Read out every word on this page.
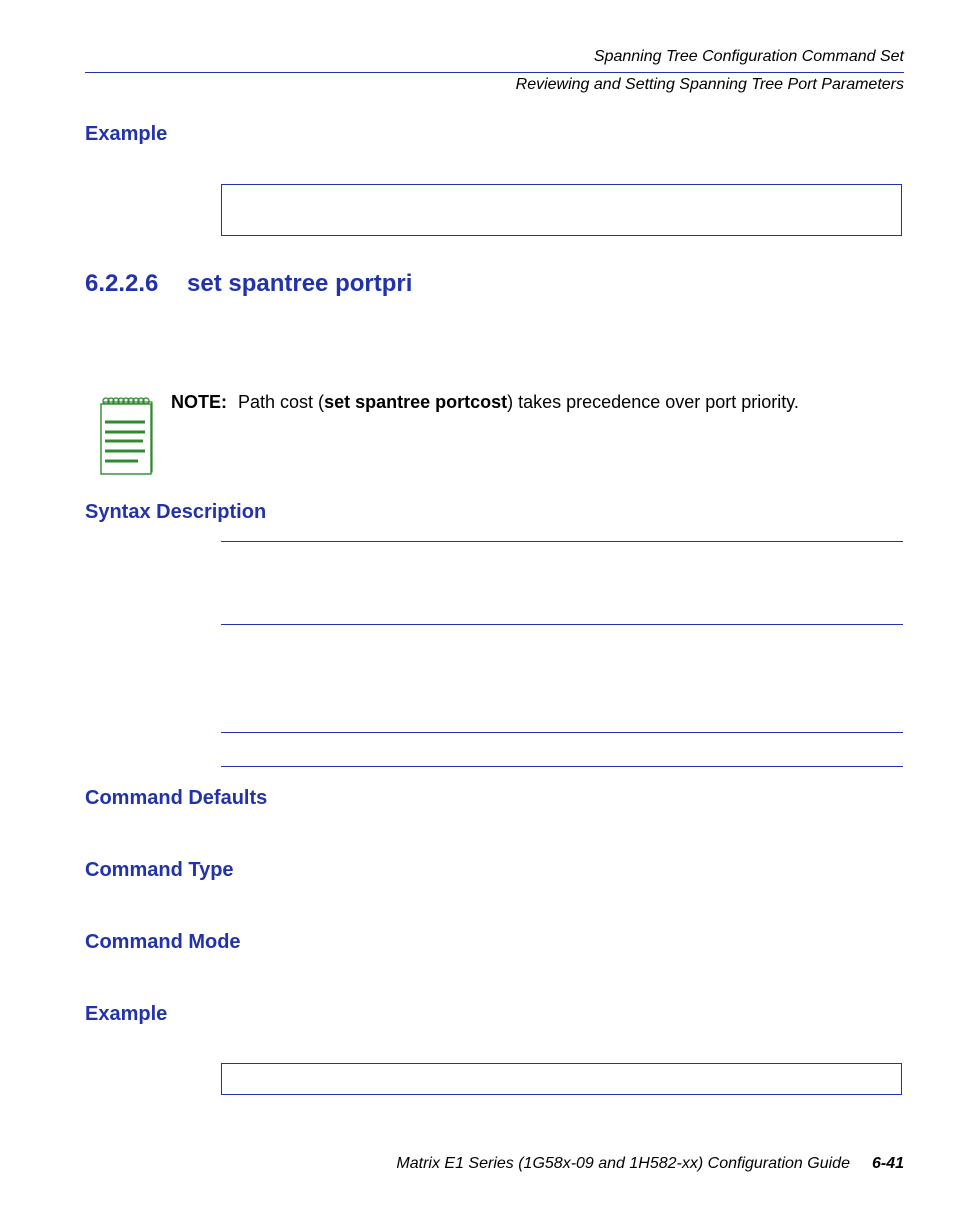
Spanning Tree Configuration Command Set
Reviewing and Setting Spanning Tree Port Parameters
Example
6.2.2.6 set spantree portpri
NOTE: Path cost (set spantree portcost) takes precedence over port priority.
Syntax Description
Command Defaults
Command Type
Command Mode
Example
Matrix E1 Series (1G58x-09 and 1H582-xx) Configuration Guide 6-41
